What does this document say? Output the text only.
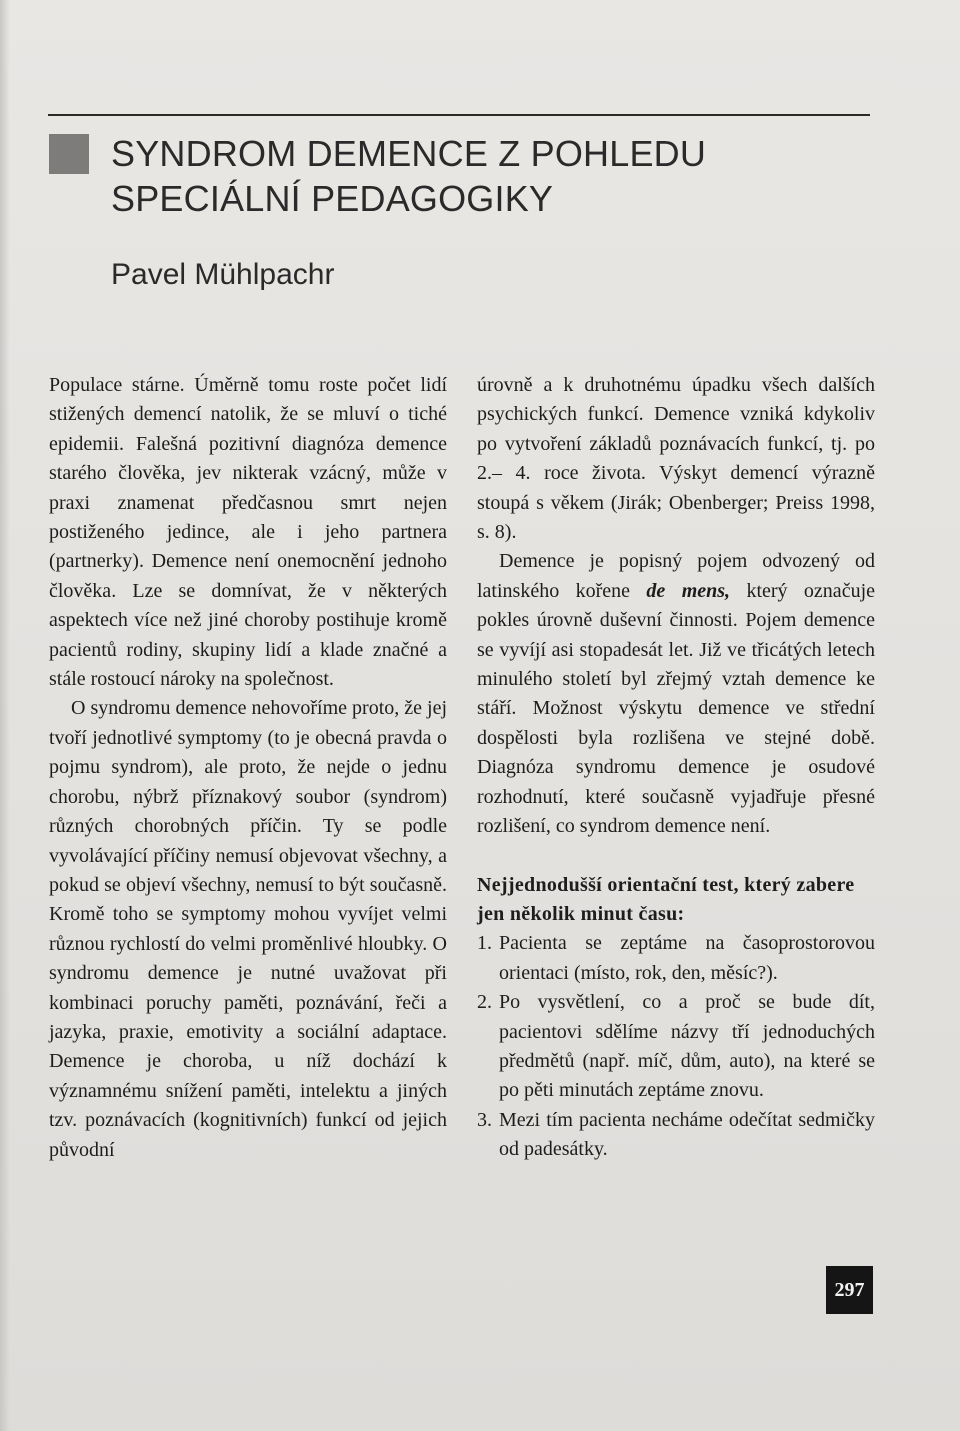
SYNDROM DEMENCE Z POHLEDU
SPECIÁLNÍ PEDAGOGIKY

Pavel Mühlpachr

Populace stárne. Úměrně tomu roste počet lidí stižených demencí natolik, že se mluví o tiché epidemii. Falešná pozitivní diagnóza demence starého člověka, jev nikterak vzácný, může v praxi znamenat předčasnou smrt nejen postiženého jedince, ale i jeho partnera (partnerky). Demence není onemocnění jednoho člověka. Lze se domnívat, že v některých aspektech více než jiné choroby postihuje kromě pacientů rodiny, skupiny lidí a klade značné a stále rostoucí nároky na společnost.

O syndromu demence nehovoříme proto, že jej tvoří jednotlivé symptomy (to je obecná pravda o pojmu syndrom), ale proto, že nejde o jednu chorobu, nýbrž příznakový soubor (syndrom) různých chorobných příčin. Ty se podle vyvolávající příčiny nemusí objevovat všechny, a pokud se objeví všechny, nemusí to být současně. Kromě toho se symptomy mohou vyvíjet velmi různou rychlostí do velmi proměnlivé hloubky. O syndromu demence je nutné uvažovat při kombinaci poruchy paměti, poznávání, řeči a jazyka, praxie, emotivity a sociální adaptace. Demence je choroba, u níž dochází k významnému snížení paměti, intelektu a jiných tzv. poznávacích (kognitivních) funkcí od jejich původní

úrovně a k druhotnému úpadku všech dalších psychických funkcí. Demence vzniká kdykoliv po vytvoření základů poznávacích funkcí, tj. po 2.– 4. roce života. Výskyt demencí výrazně stoupá s věkem (Jirák; Obenberger; Preiss 1998, s. 8).

Demence je popisný pojem odvozený od latinského kořene de mens, který označuje pokles úrovně duševní činnosti. Pojem demence se vyvíjí asi stopadesát let. Již ve třicátých letech minulého století byl zřejmý vztah demence ke stáří. Možnost výskytu demence ve střední dospělosti byla rozlišena ve stejné době. Diagnóza syndromu demence je osudové rozhodnutí, které současně vyjadřuje přesné rozlišení, co syndrom demence není.

Nejjednodušší orientační test, který zabere jen několik minut času:
1. Pacienta se zeptáme na časoprostorovou orientaci (místo, rok, den, měsíc?).
2. Po vysvětlení, co a proč se bude dít, pacientovi sdělíme názvy tří jednoduchých předmětů (např. míč, dům, auto), na které se po pěti minutách zeptáme znovu.
3. Mezi tím pacienta necháme odečítat sedmičky od padesátky.
297
